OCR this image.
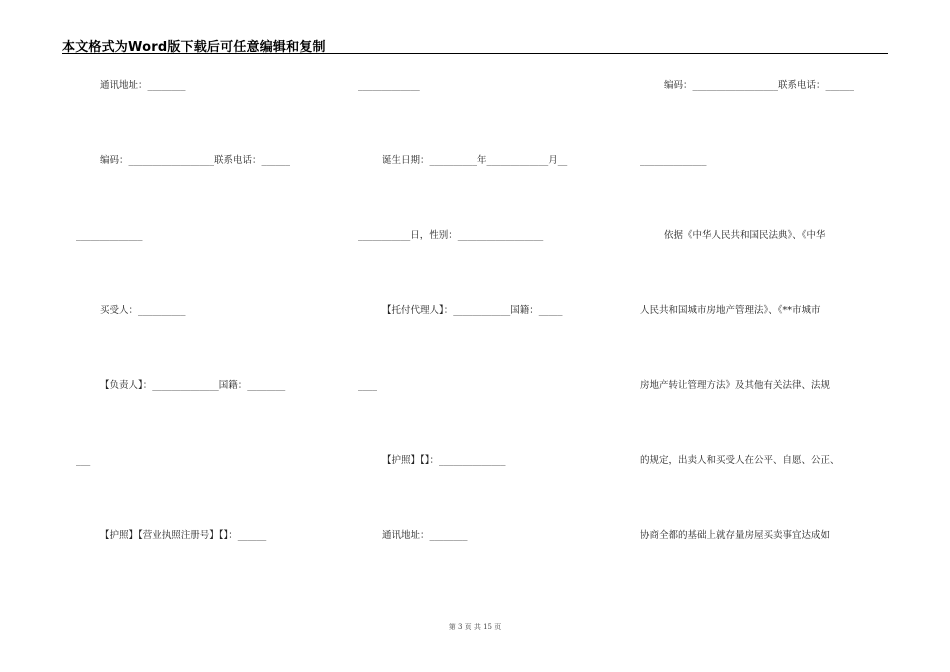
本文格式为Word版下载后可任意编辑和复制
通讯地址：________
编码：__________________联系电话：______
______________
买受人：__________
【负责人】：______________国籍：________
___
【护照】【营业执照注册号】【】：______
_____________
诞生日期：__________年_____________月__
___________日，性别：__________________
【托付代理人】：____________国籍：_____
____
【护照】【】：______________
通讯地址：________
编码：__________________联系电话：______
______________
依据《中华人民共和国民法典》、《中华
人民共和国城市房地产管理法》、《**市城市
房地产转让管理方法》及其他有关法律、法规
的规定，出卖人和买受人在公平、自愿、公正、
协商全都的基础上就存量房屋买卖事宜达成如
第 3 页 共 15 页
